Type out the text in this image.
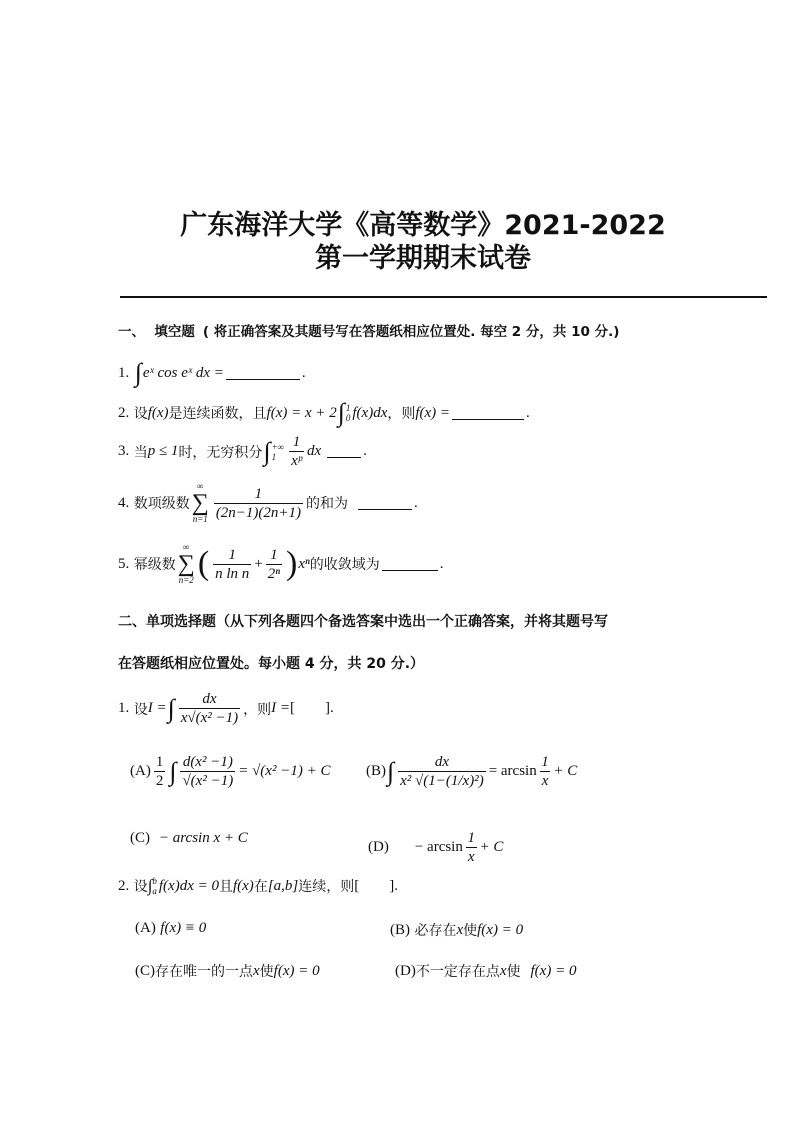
广东海洋大学《高等数学》2021-2022
第一学期期末试卷
一、  填空题 ( 将正确答案及其题号写在答题纸相应位置处. 每空 2 分，共 10 分.)
1.
∫ eˣ cos eˣ dx =	.
2.
设 f(x) 是连续函数，且 f(x) = x + 2 ∫ 1
0 f(x)dx ，则 f(x) =	.
3.
当 p ≤ 1 时，无穷积分 ∫ +∞
$1 \frac{1}{\text{xᵖ}}$ dx	.
4.
数项级数
∞
∑
$n=1 \frac{1}{(2n-1)(2n+1)}$ 的和为	.
5.
幂级数
∞
∑
n=2 ( $\frac{1}{\text{n ln n}} + \frac{1}{\text{2ⁿ}}$ ) xⁿ 的收敛域为	.
二、单项选择题（从下列各题四个备选答案中选出一个正确答案，并将其题号写
在答题纸相应位置处。每小题 4 分，共 20 分.）
1.
设 I = ∫ $\frac{dx}{\text{x√(x² −1)}}$ ，则 I = [        ].
$(A) \frac{1}{2}$ ∫ $\frac{\text{d(x² −1)}}{\text{√(x² −1)}} = √(x^2 -1) + C$ (B) ∫ $\frac{dx}{\text{x² √(1−(1/x)²)}} = \arcsin \frac{1}{x} + C$
(C)
− arcsin x + C
$(D) - \arcsin \frac{1}{x} + C$
2.
设 ∫ b
a f(x)dx = 0 且 f(x) 在 [a,b] 连续，则 [        ].
(A)
f(x) ≡ 0	(B)
必存在 x 使 f(x) = 0
(C) 存在唯一的一点 x 使 f(x) = 0	(D) 不一定存在点 x 使 f(x) = 0
